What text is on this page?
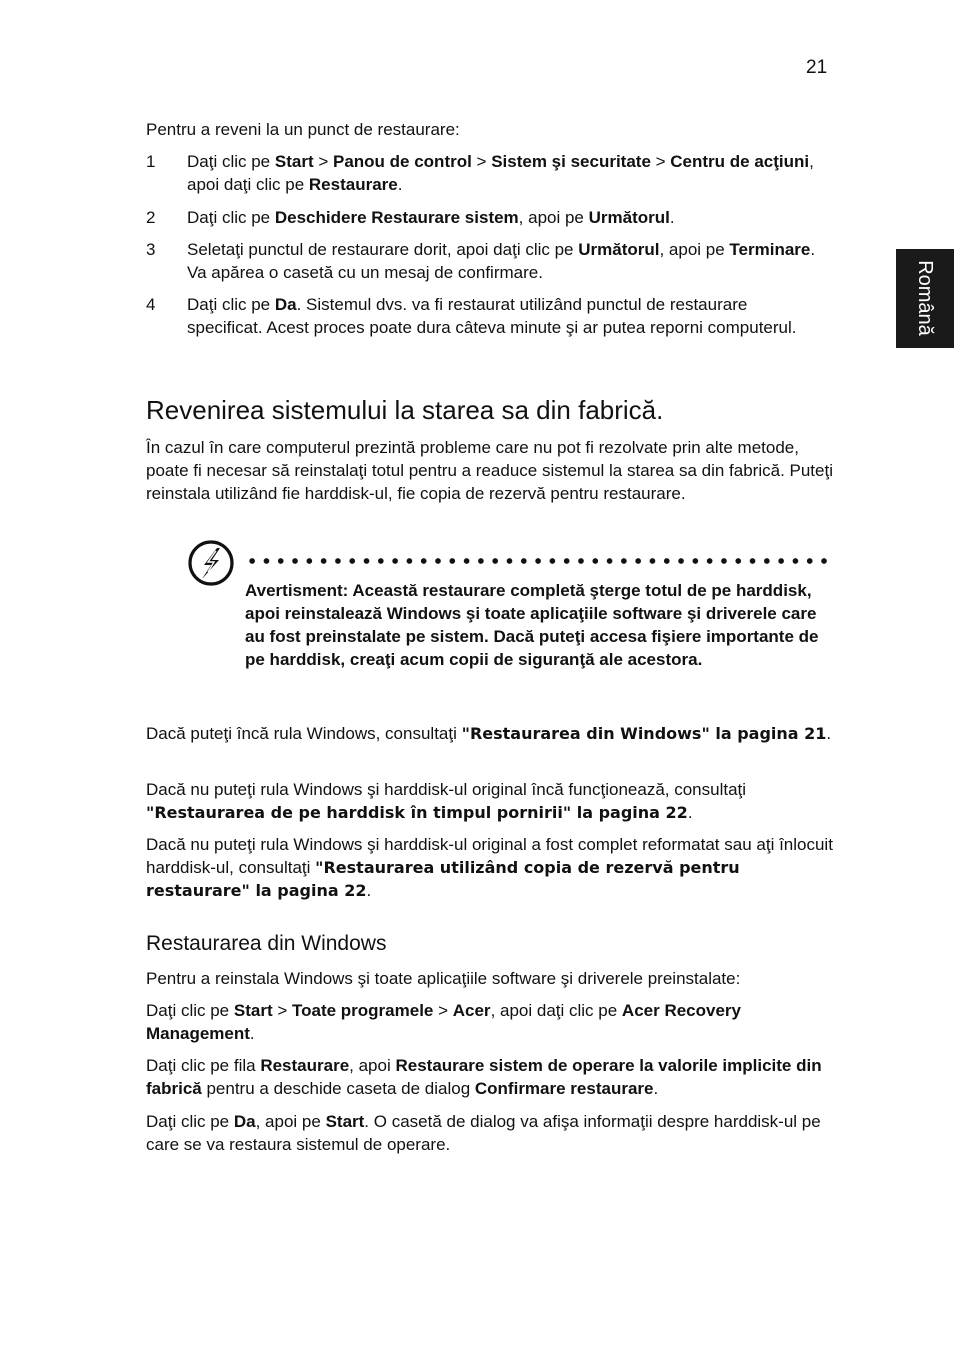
21
Română

Pentru a reveni la un punct de restaurare:

1	Daţi clic pe Start > Panou de control > Sistem şi securitate > Centru de acţiuni, apoi daţi clic pe Restaurare.
2	Daţi clic pe Deschidere Restaurare sistem, apoi pe Următorul.
3	Seletaţi punctul de restaurare dorit, apoi daţi clic pe Următorul, apoi pe Terminare. Va apărea o casetă cu un mesaj de confirmare.
4	Daţi clic pe Da. Sistemul dvs. va fi restaurat utilizând punctul de restaurare specificat. Acest proces poate dura câteva minute şi ar putea reporni computerul.
Revenirea sistemului la starea sa din fabrică.

În cazul în care computerul prezintă probleme care nu pot fi rezolvate prin alte metode, poate fi necesar să reinstalaţi totul pentru a readuce sistemul la starea sa din fabrică. Puteţi reinstala utilizând fie harddisk-ul, fie copia de rezervă pentru restaurare.

Avertisment: Această restaurare completă şterge totul de pe harddisk, apoi reinstalează Windows şi toate aplicaţiile software şi driverele care au fost preinstalate pe sistem. Dacă puteţi accesa fişiere importante de pe harddisk, creaţi acum copii de siguranţă ale acestora.

Dacă puteţi încă rula Windows, consultaţi "Restaurarea din Windows" la pagina 21.

Dacă nu puteţi rula Windows şi harddisk-ul original încă funcţionează, consultaţi "Restaurarea de pe harddisk în timpul pornirii" la pagina 22.

Dacă nu puteţi rula Windows şi harddisk-ul original a fost complet reformatat sau aţi înlocuit harddisk-ul, consultaţi "Restaurarea utilizând copia de rezervă pentru restaurare" la pagina 22.

Restaurarea din Windows

Pentru a reinstala Windows şi toate aplicaţiile software şi driverele preinstalate:

Daţi clic pe Start > Toate programele > Acer, apoi daţi clic pe Acer Recovery Management.

Daţi clic pe fila Restaurare, apoi Restaurare sistem de operare la valorile implicite din fabrică pentru a deschide caseta de dialog Confirmare restaurare.

Daţi clic pe Da, apoi pe Start. O casetă de dialog va afişa informaţii despre harddisk-ul pe care se va restaura sistemul de operare.
